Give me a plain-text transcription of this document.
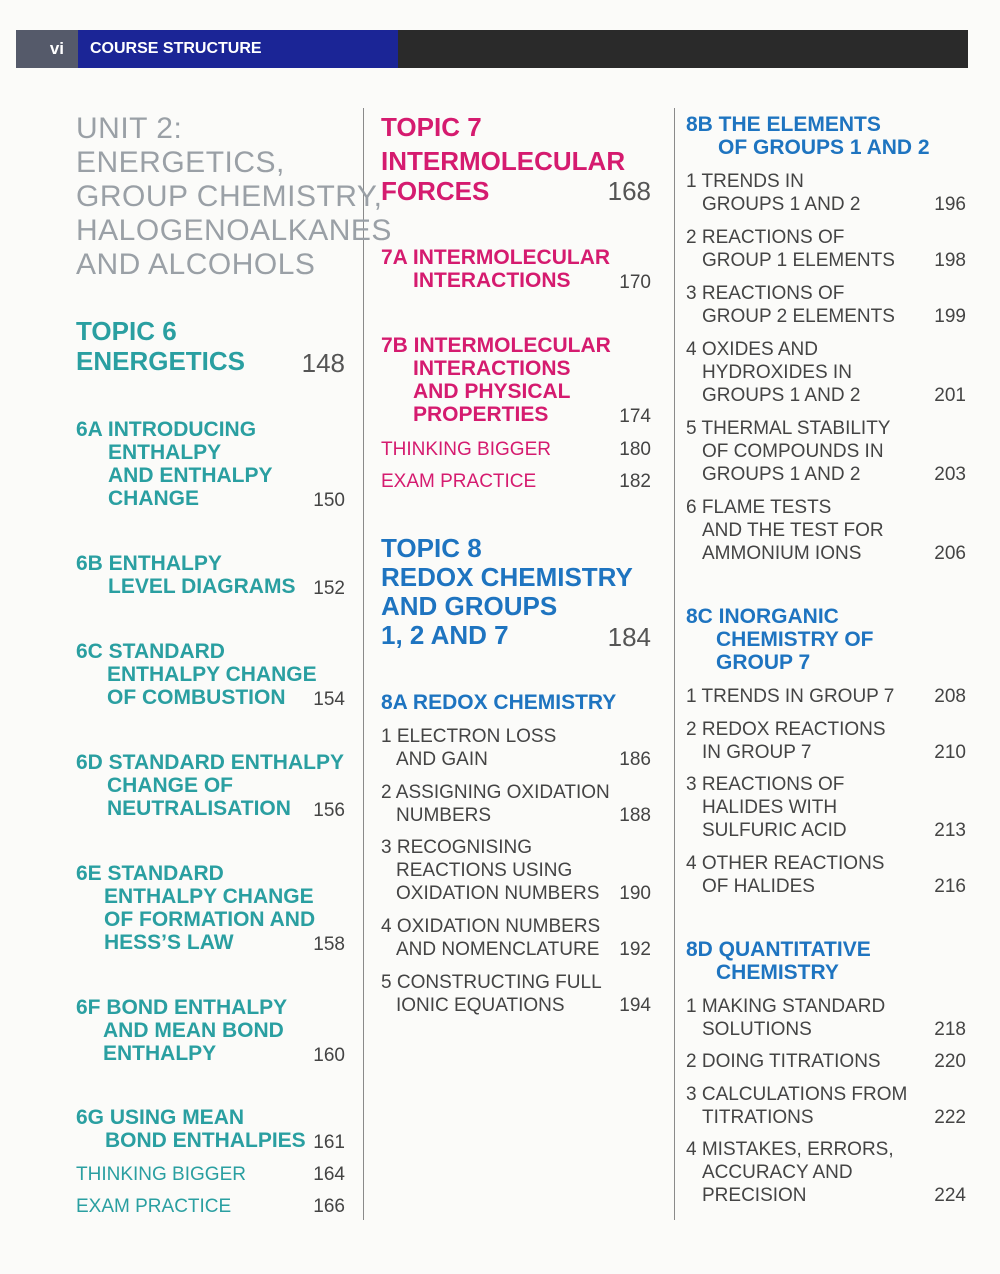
vi	COURSE STRUCTURE
UNIT 2:
ENERGETICS,
GROUP CHEMISTRY,
HALOGENOALKANES
AND ALCOHOLS
TOPIC 6
ENERGETICS 148
6A INTRODUCING
ENTHALPY
AND ENTHALPY
CHANGE	150
6B ENTHALPY
LEVEL DIAGRAMS 152
6C STANDARD
ENTHALPY CHANGE
OF COMBUSTION	154
6D STANDARD ENTHALPY
CHANGE OF
NEUTRALISATION	156
6E STANDARD
ENTHALPY CHANGE
OF FORMATION AND
HESS’S LAW	158
6F BOND ENTHALPY
AND MEAN BOND
ENTHALPY	160
6G USING MEAN
BOND ENTHALPIES 161
THINKING BIGGER	164
EXAM PRACTICE	166
TOPIC 7
INTERMOLECULAR
FORCES	168
7A INTERMOLECULAR
INTERACTIONS	170
7B INTERMOLECULAR
INTERACTIONS
AND PHYSICAL
PROPERTIES	174
THINKING BIGGER	180
EXAM PRACTICE	182
TOPIC 8
REDOX CHEMISTRY
AND GROUPS
1, 2 AND 7	184
8A REDOX CHEMISTRY
1 ELECTRON LOSS
AND GAIN	186
2 ASSIGNING OXIDATION
NUMBERS	188
3 RECOGNISING
REACTIONS USING
OXIDATION NUMBERS 190
4 OXIDATION NUMBERS
AND NOMENCLATURE 192
5 CONSTRUCTING FULL
IONIC EQUATIONS	194
8B THE ELEMENTS
OF GROUPS 1 AND 2
1 TRENDS IN
GROUPS 1 AND 2	196
2 REACTIONS OF
GROUP 1 ELEMENTS 198
3 REACTIONS OF
GROUP 2 ELEMENTS 199
4 OXIDES AND
HYDROXIDES IN
GROUPS 1 AND 2	201
5 THERMAL STABILITY
OF COMPOUNDS IN
GROUPS 1 AND 2	203
6 FLAME TESTS
AND THE TEST FOR
AMMONIUM IONS	206
8C INORGANIC
CHEMISTRY OF
GROUP 7
1 TRENDS IN GROUP 7 208
2 REDOX REACTIONS
IN GROUP 7	210
3 REACTIONS OF
HALIDES WITH
SULFURIC ACID	213
4 OTHER REACTIONS
OF HALIDES	216
8D QUANTITATIVE
CHEMISTRY
1 MAKING STANDARD
SOLUTIONS	218
2 DOING TITRATIONS	220
3 CALCULATIONS FROM
TITRATIONS	222
4 MISTAKES, ERRORS,
ACCURACY AND
PRECISION	224
